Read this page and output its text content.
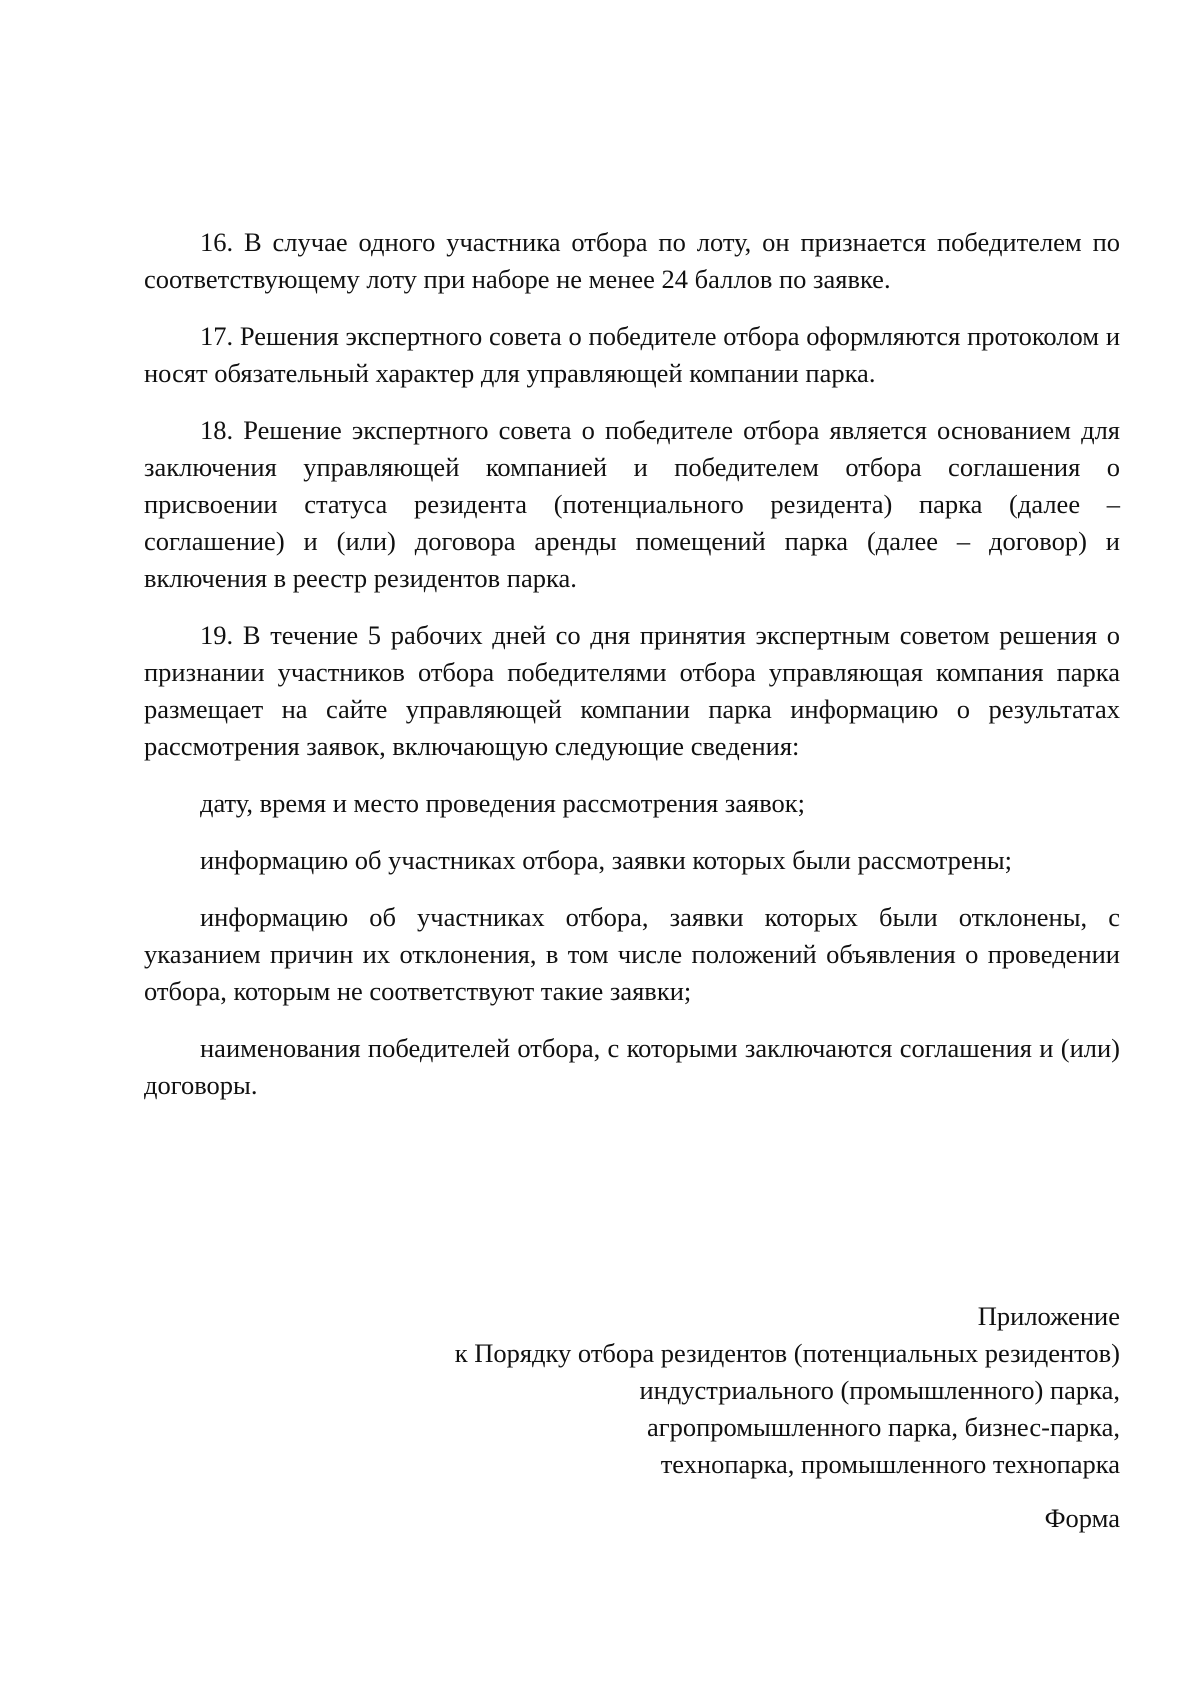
16. В случае одного участника отбора по лоту, он признается победителем по соответствующему лоту при наборе не менее 24 баллов по заявке.

17. Решения экспертного совета о победителе отбора оформляются протоколом и носят обязательный характер для управляющей компании парка.

18. Решение экспертного совета о победителе отбора является основанием для заключения управляющей компанией и победителем отбора соглашения о присвоении статуса резидента (потенциального резидента) парка (далее – соглашение) и (или) договора аренды помещений парка (далее – договор) и включения в реестр резидентов парка.

19. В течение 5 рабочих дней со дня принятия экспертным советом решения о признании участников отбора победителями отбора управляющая компания парка размещает на сайте управляющей компании парка информацию о результатах рассмотрения заявок, включающую следующие сведения:

дату, время и место проведения рассмотрения заявок;

информацию об участниках отбора, заявки которых были рассмотрены;

информацию об участниках отбора, заявки которых были отклонены, с указанием причин их отклонения, в том числе положений объявления о проведении отбора, которым не соответствуют такие заявки;

наименования победителей отбора, с которыми заключаются соглашения и (или) договоры.

Приложение
к Порядку отбора резидентов (потенциальных резидентов)
индустриального (промышленного) парка,
агропромышленного парка, бизнес-парка,
технопарка, промышленного технопарка
Форма
